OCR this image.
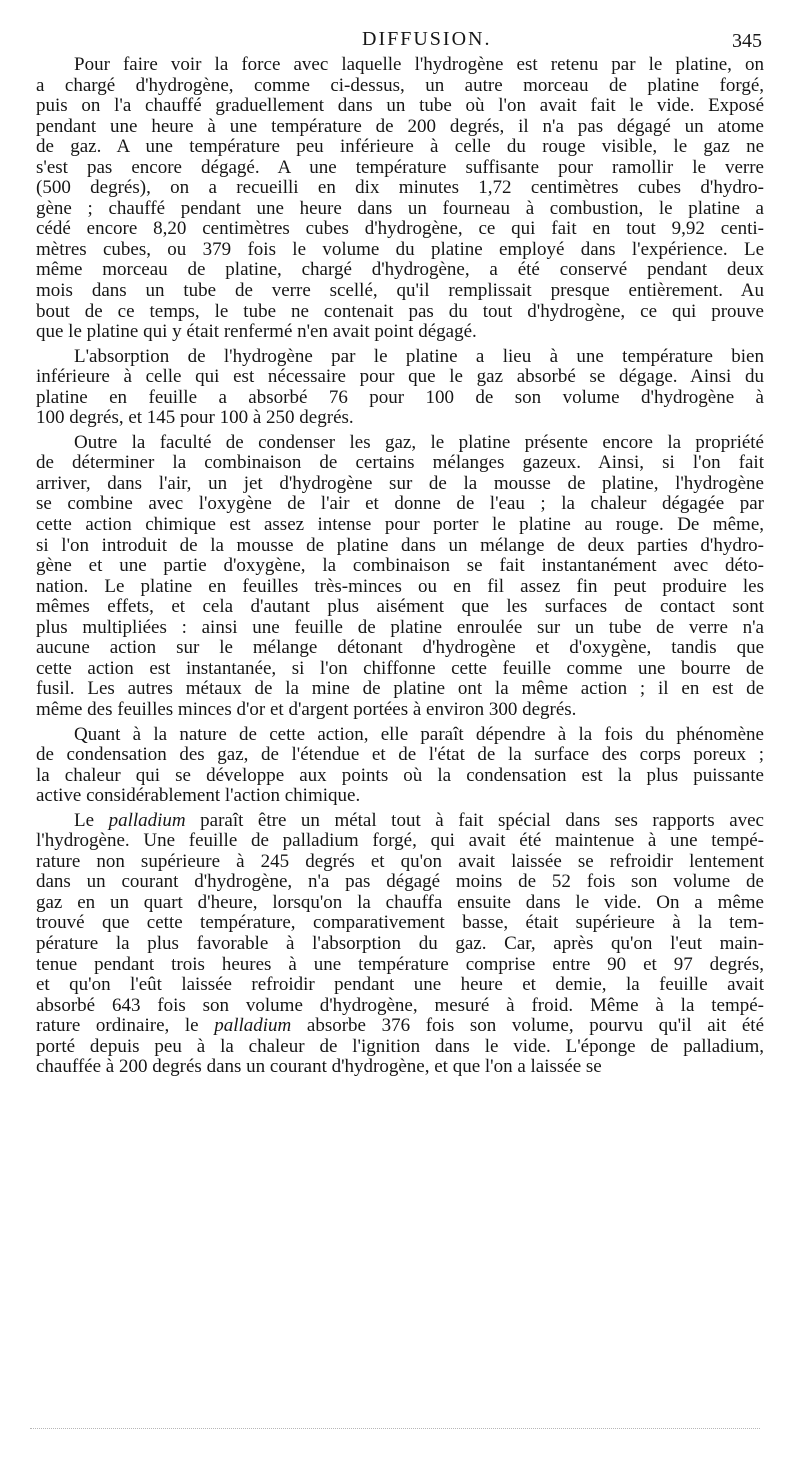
DIFFUSION.	345
Pour faire voir la force avec laquelle l'hydrogène est retenu par le platine, on
a chargé d'hydrogène, comme ci-dessus, un autre morceau de platine forgé,
puis on l'a chauffé graduellement dans un tube où l'on avait fait le vide. Exposé
pendant une heure à une température de 200 degrés, il n'a pas dégagé un atome
de gaz. A une température peu inférieure à celle du rouge visible, le gaz ne
s'est pas encore dégagé. A une température suffisante pour ramollir le verre
(500 degrés), on a recueilli en dix minutes 1,72 centimètres cubes d'hydro-
gène ; chauffé pendant une heure dans un fourneau à combustion, le platine a
cédé encore 8,20 centimètres cubes d'hydrogène, ce qui fait en tout 9,92 centi-
mètres cubes, ou 379 fois le volume du platine employé dans l'expérience. Le
même morceau de platine, chargé d'hydrogène, a été conservé pendant deux
mois dans un tube de verre scellé, qu'il remplissait presque entièrement. Au
bout de ce temps, le tube ne contenait pas du tout d'hydrogène, ce qui prouve
que le platine qui y était renfermé n'en avait point dégagé.
L'absorption de l'hydrogène par le platine a lieu à une température bien
inférieure à celle qui est nécessaire pour que le gaz absorbé se dégage. Ainsi du
platine en feuille a absorbé 76 pour 100 de son volume d'hydrogène à
100 degrés, et 145 pour 100 à 250 degrés.
Outre la faculté de condenser les gaz, le platine présente encore la propriété
de déterminer la combinaison de certains mélanges gazeux. Ainsi, si l'on fait
arriver, dans l'air, un jet d'hydrogène sur de la mousse de platine, l'hydrogène
se combine avec l'oxygène de l'air et donne de l'eau ; la chaleur dégagée par
cette action chimique est assez intense pour porter le platine au rouge. De même,
si l'on introduit de la mousse de platine dans un mélange de deux parties d'hydro-
gène et une partie d'oxygène, la combinaison se fait instantanément avec déto-
nation. Le platine en feuilles très-minces ou en fil assez fin peut produire les
mêmes effets, et cela d'autant plus aisément que les surfaces de contact sont
plus multipliées : ainsi une feuille de platine enroulée sur un tube de verre n'a
aucune action sur le mélange détonant d'hydrogène et d'oxygène, tandis que
cette action est instantanée, si l'on chiffonne cette feuille comme une bourre de
fusil. Les autres métaux de la mine de platine ont la même action ; il en est de
même des feuilles minces d'or et d'argent portées à environ 300 degrés.
Quant à la nature de cette action, elle paraît dépendre à la fois du phénomène
de condensation des gaz, de l'étendue et de l'état de la surface des corps poreux ;
la chaleur qui se développe aux points où la condensation est la plus puissante
active considérablement l'action chimique.
Le palladium paraît être un métal tout à fait spécial dans ses rapports avec
l'hydrogène. Une feuille de palladium forgé, qui avait été maintenue à une tempé-
rature non supérieure à 245 degrés et qu'on avait laissée se refroidir lentement
dans un courant d'hydrogène, n'a pas dégagé moins de 52 fois son volume de
gaz en un quart d'heure, lorsqu'on la chauffa ensuite dans le vide. On a même
trouvé que cette température, comparativement basse, était supérieure à la tem-
pérature la plus favorable à l'absorption du gaz. Car, après qu'on l'eut main-
tenue pendant trois heures à une température comprise entre 90 et 97 degrés,
et qu'on l'eût laissée refroidir pendant une heure et demie, la feuille avait
absorbé 643 fois son volume d'hydrogène, mesuré à froid. Même à la tempé-
rature ordinaire, le palladium absorbe 376 fois son volume, pourvu qu'il ait été
porté depuis peu à la chaleur de l'ignition dans le vide. L'éponge de palladium,
chauffée à 200 degrés dans un courant d'hydrogène, et que l'on a laissée se
